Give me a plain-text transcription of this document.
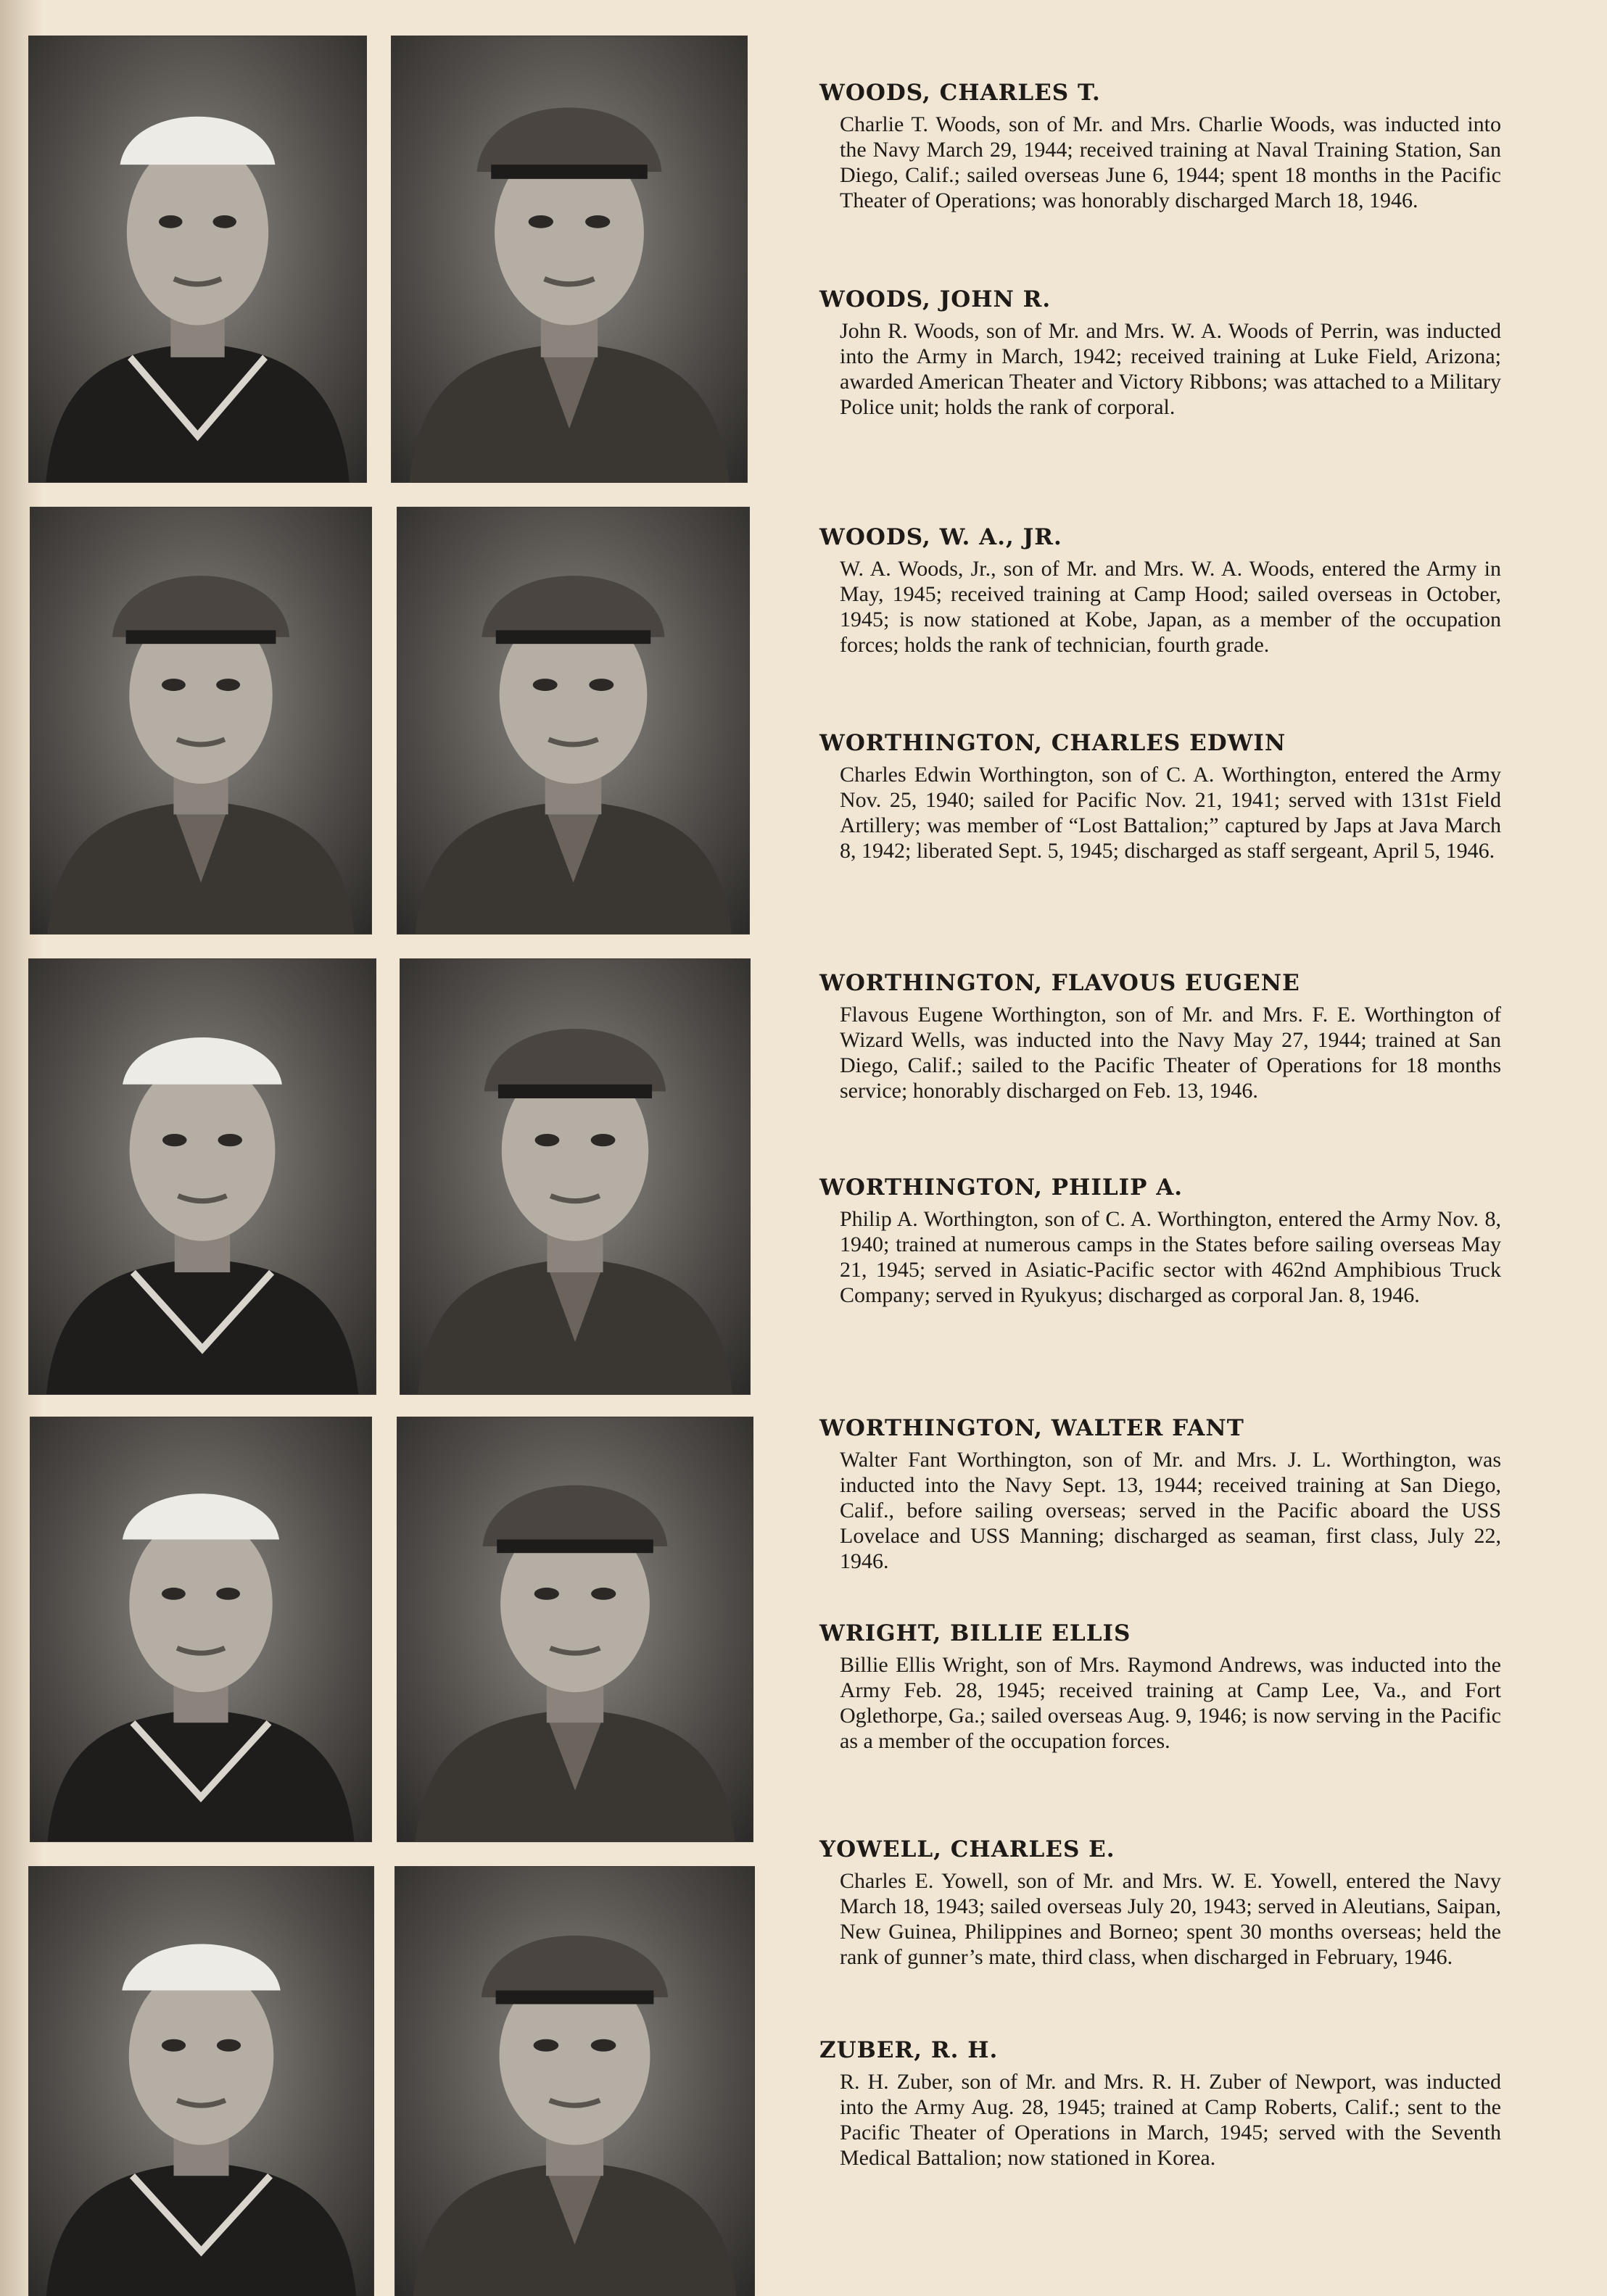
WOODS, CHARLES T.

Charlie T. Woods, son of Mr. and Mrs. Charlie Woods, was inducted into the Navy March 29, 1944; received training at Naval Training Station, San Diego, Calif.; sailed overseas June 6, 1944; spent 18 months in the Pacific Theater of Operations; was honorably discharged March 18, 1946.

WOODS, JOHN R.

John R. Woods, son of Mr. and Mrs. W. A. Woods of Perrin, was inducted into the Army in March, 1942; received training at Luke Field, Arizona; awarded American Theater and Victory Ribbons; was attached to a Military Police unit; holds the rank of corporal.

WOODS, W. A., JR.

W. A. Woods, Jr., son of Mr. and Mrs. W. A. Woods, entered the Army in May, 1945; received training at Camp Hood; sailed overseas in October, 1945; is now stationed at Kobe, Japan, as a member of the occupation forces; holds the rank of technician, fourth grade.

WORTHINGTON, CHARLES EDWIN

Charles Edwin Worthington, son of C. A. Worthington, entered the Army Nov. 25, 1940; sailed for Pacific Nov. 21, 1941; served with 131st Field Artillery; was member of “Lost Battalion;” captured by Japs at Java March 8, 1942; liberated Sept. 5, 1945; discharged as staff sergeant, April 5, 1946.

WORTHINGTON, FLAVOUS EUGENE

Flavous Eugene Worthington, son of Mr. and Mrs. F. E. Worthington of Wizard Wells, was inducted into the Navy May 27, 1944; trained at San Diego, Calif.; sailed to the Pacific Theater of Operations for 18 months service; honorably discharged on Feb. 13, 1946.

WORTHINGTON, PHILIP A.

Philip A. Worthington, son of C. A. Worthington, entered the Army Nov. 8, 1940; trained at numerous camps in the States before sailing overseas May 21, 1945; served in Asiatic-Pacific sector with 462nd Amphibious Truck Company; served in Ryukyus; discharged as corporal Jan. 8, 1946.

WORTHINGTON, WALTER FANT

Walter Fant Worthington, son of Mr. and Mrs. J. L. Worthington, was inducted into the Navy Sept. 13, 1944; received training at San Diego, Calif., before sailing overseas; served in the Pacific aboard the USS Lovelace and USS Manning; discharged as seaman, first class, July 22, 1946.

WRIGHT, BILLIE ELLIS

Billie Ellis Wright, son of Mrs. Raymond Andrews, was inducted into the Army Feb. 28, 1945; received training at Camp Lee, Va., and Fort Oglethorpe, Ga.; sailed overseas Aug. 9, 1946; is now serving in the Pacific as a member of the occupation forces.

YOWELL, CHARLES E.

Charles E. Yowell, son of Mr. and Mrs. W. E. Yowell, entered the Navy March 18, 1943; sailed overseas July 20, 1943; served in Aleutians, Saipan, New Guinea, Philippines and Borneo; spent 30 months overseas; held the rank of gunner’s mate, third class, when discharged in February, 1946.

ZUBER, R. H.

R. H. Zuber, son of Mr. and Mrs. R. H. Zuber of Newport, was inducted into the Army Aug. 28, 1945; trained at Camp Roberts, Calif.; sent to the Pacific Theater of Operations in March, 1945; served with the Seventh Medical Battalion; now stationed in Korea.
